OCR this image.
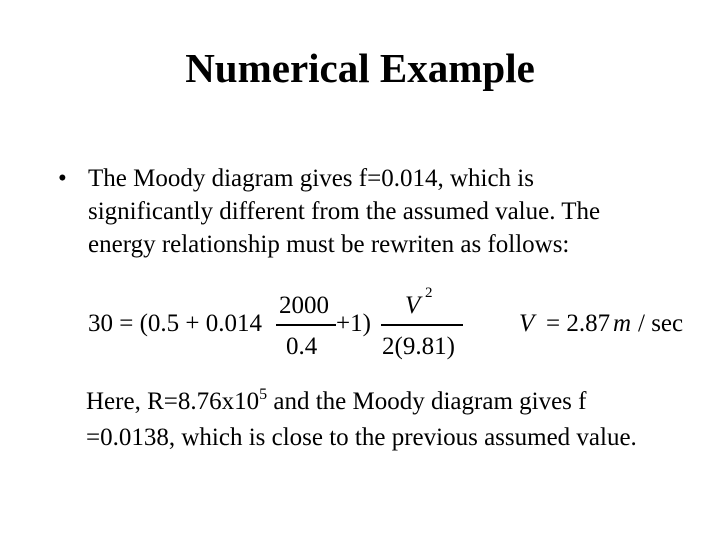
Numerical Example
• The Moody diagram gives f=0.014, which is
significantly different from the assumed value. The
energy relationship must be rewriten as follows:
30 = (0.5 + 0.014
2000
0.4
+1)
V 2
2(9.81)
V = 2.87 m / sec
Here, $R=8.76x10^5$ and the Moody diagram gives f
=0.0138, which is close to the previous assumed value.
